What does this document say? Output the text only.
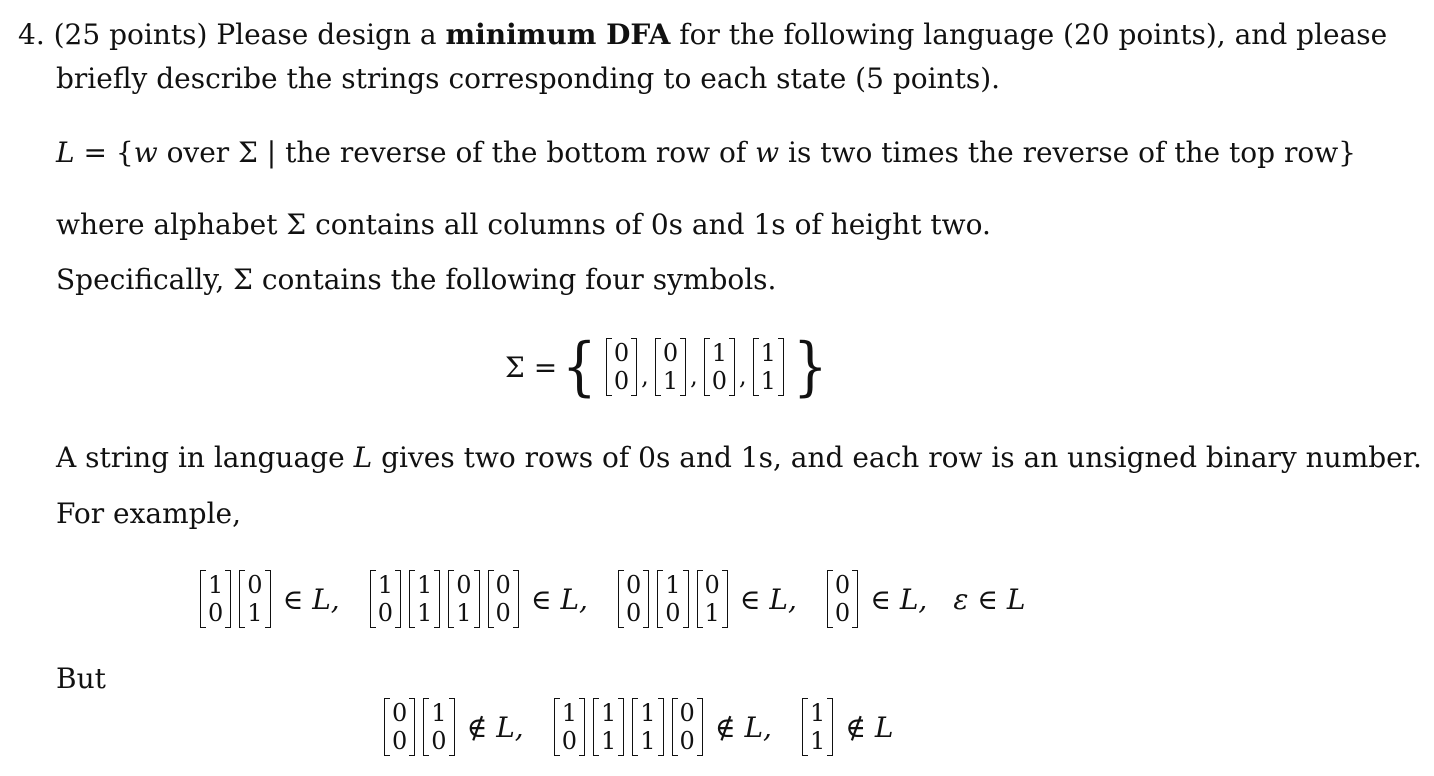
4. (25 points) Please design a minimum DFA for the following language (20 points), and please
briefly describe the strings corresponding to each state (5 points).
L = {w over Σ | the reverse of the bottom row of w is two times the reverse of the top row}
where alphabet Σ contains all columns of 0s and 1s of height two.
Specifically, Σ contains the following four symbols.
Σ = { 0
0 ,
0
1 ,
1
0 ,
1
1 }
A string in language L gives two rows of 0s and 1s, and each row is an unsigned binary number.
For example,
1
0
0
1 ∈ L, 1
0
1
1
0
1
0
0 ∈ L, 0
0
1
0
0
1 ∈ L, 0
0 ∈ L, ε ∈ L
But
0
0
1
0 ∉ L, 1
0
1
1
1
1
0
0 ∉ L, 1
1 ∉ L
